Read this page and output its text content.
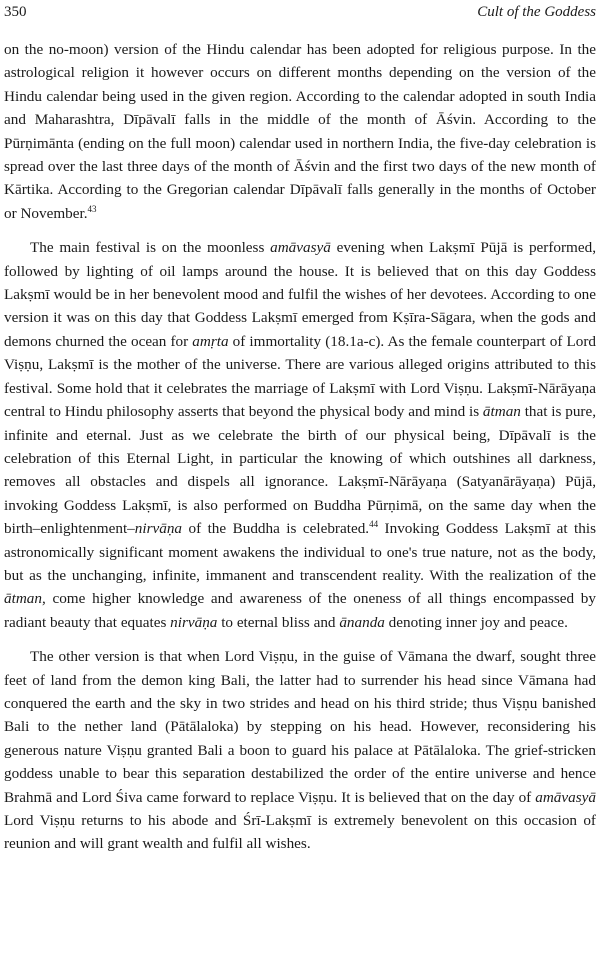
350	Cult of the Goddess

on the no-moon) version of the Hindu calendar has been adopted for religious purpose. In the astrological religion it however occurs on different months depending on the version of the Hindu calendar being used in the given region. According to the calendar adopted in south India and Maharashtra, Dīpāvalī falls in the middle of the month of Āśvin. According to the Pūrṇimānta (ending on the full moon) calendar used in northern India, the five-day celebration is spread over the last three days of the month of Āśvin and the first two days of the new month of Kārtika. According to the Gregorian calendar Dīpāvalī falls generally in the months of October or November.$^{43}$

The main festival is on the moonless amāvasyā evening when Lakṣmī Pūjā is performed, followed by lighting of oil lamps around the house. It is believed that on this day Goddess Lakṣmī would be in her benevolent mood and fulfil the wishes of her devotees. According to one version it was on this day that Goddess Lakṣmī emerged from Kṣīra-Sāgara, when the gods and demons churned the ocean for amṛta of immortality (18.1a-c). As the female counterpart of Lord Viṣṇu, Lakṣmī is the mother of the universe. There are various alleged origins attributed to this festival. Some hold that it celebrates the marriage of Lakṣmī with Lord Viṣṇu. Lakṣmī-Nārāyaṇa central to Hindu philosophy asserts that beyond the physical body and mind is ātman that is pure, infinite and eternal. Just as we celebrate the birth of our physical being, Dīpāvalī is the celebration of this Eternal Light, in particular the knowing of which outshines all darkness, removes all obstacles and dispels all ignorance. Lakṣmī-Nārāyaṇa (Satyanārāyaṇa) Pūjā, invoking Goddess Lakṣmī, is also performed on Buddha Pūrṇimā, on the same day when the birth–enlightenment–nirvāṇa of the Buddha is celebrated.$^{44}$ Invoking Goddess Lakṣmī at this astronomically significant moment awakens the individual to one's true nature, not as the body, but as the unchanging, infinite, immanent and transcendent reality. With the realization of the ātman, come higher knowledge and awareness of the oneness of all things encompassed by radiant beauty that equates nirvāṇa to eternal bliss and ānanda denoting inner joy and peace.

The other version is that when Lord Viṣṇu, in the guise of Vāmana the dwarf, sought three feet of land from the demon king Bali, the latter had to surrender his head since Vāmana had conquered the earth and the sky in two strides and head on his third stride; thus Viṣṇu banished Bali to the nether land (Pātālaloka) by stepping on his head. However, reconsidering his generous nature Viṣṇu granted Bali a boon to guard his palace at Pātālaloka. The grief-stricken goddess unable to bear this separation destabilized the order of the entire universe and hence Brahmā and Lord Śiva came forward to replace Viṣṇu. It is believed that on the day of amāvasyā Lord Viṣṇu returns to his abode and Śrī-Lakṣmī is extremely benevolent on this occasion of reunion and will grant wealth and fulfil all wishes.
